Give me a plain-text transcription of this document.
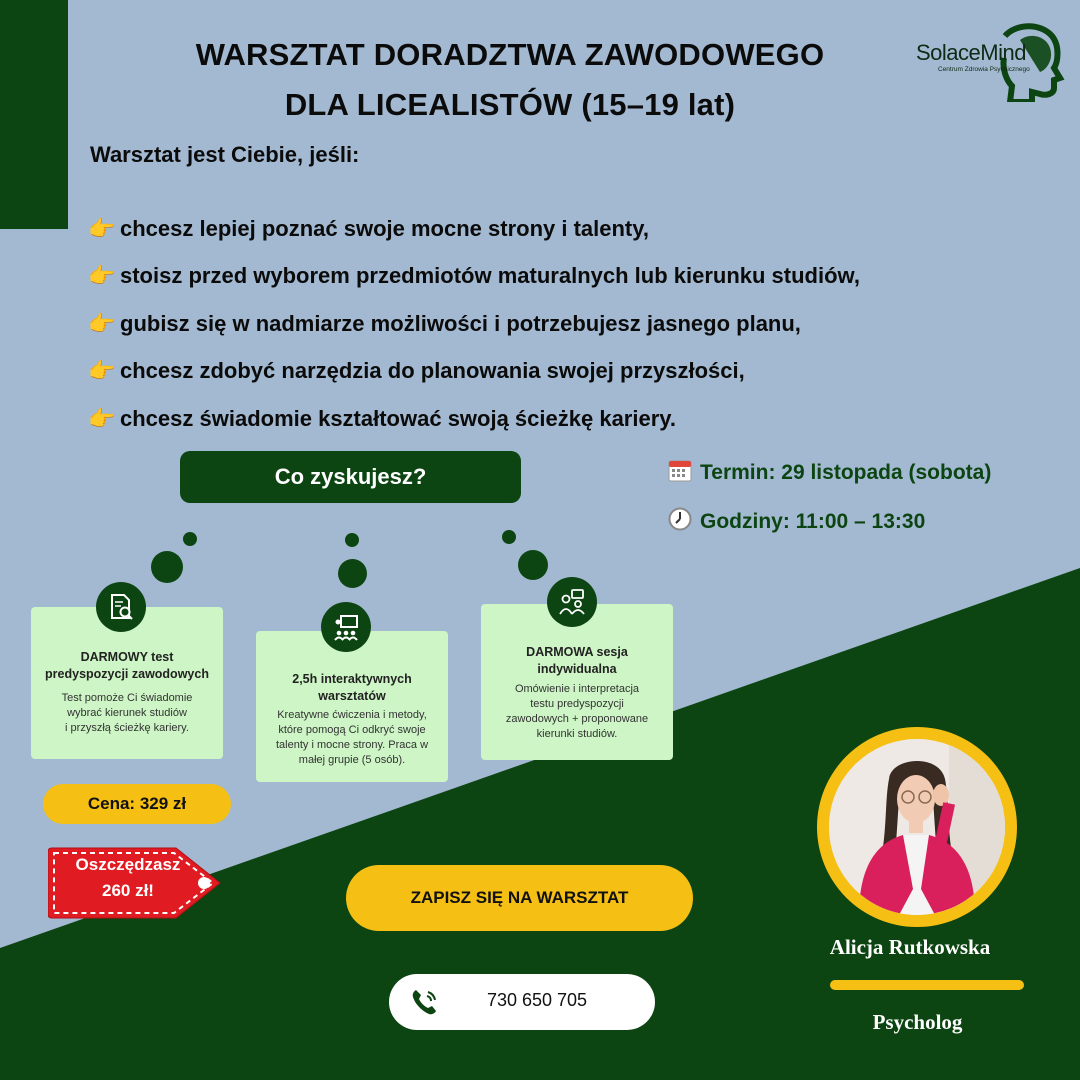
WARSZTAT DORADZTWA ZAWODOWEGO
DLA LICEALISTÓW (15–19 lat)
SolaceMind
Centrum Zdrowia Psychicznego
Warsztat jest Ciebie, jeśli:
👉 chcesz lepiej poznać swoje mocne strony i talenty,
👉 stoisz przed wyborem przedmiotów maturalnych lub kierunku studiów,
👉 gubisz się w nadmiarze możliwości i potrzebujesz jasnego planu,
👉 chcesz zdobyć narzędzia do planowania swojej przyszłości,
👉 chcesz świadomie kształtować swoją ścieżkę kariery.
Co zyskujesz?
DARMOWY test
predyspozycji zawodowych
Test pomoże Ci świadomie
wybrać kierunek studiów
i przyszłą ścieżkę kariery.
2,5h interaktywnych
warsztatów
Kreatywne ćwiczenia i metody,
które pomogą Ci odkryć swoje
talenty i mocne strony. Praca w
małej grupie (5 osób).
DARMOWA sesja
indywidualna
Omówienie i interpretacja
testu predyspozycji
zawodowych + proponowane
kierunki studiów.
Termin: 29 listopada (sobota)
Godziny: 11:00 – 13:30
Cena: 329 zł
Oszczędzasz
260 zł!	ZAPISZ SIĘ NA WARSZTAT
730 650 705
Alicja Rutkowska
Psycholog
